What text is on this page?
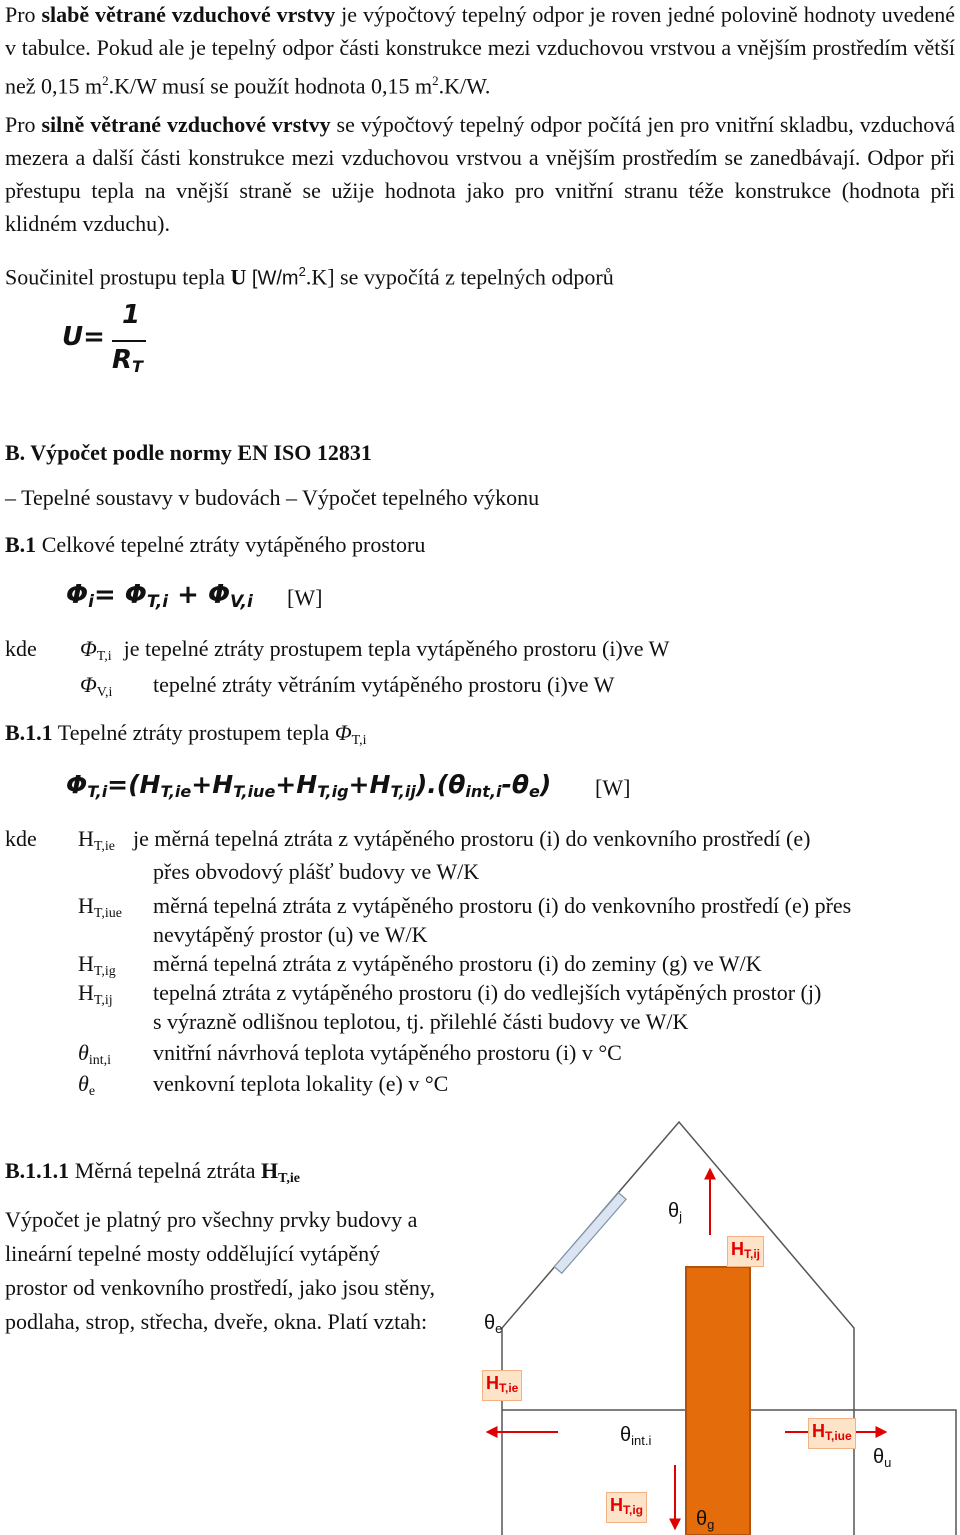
Pro slabě větrané vzduchové vrstvy je výpočtový tepelný odpor je roven jedné polovině hodnoty uvedené v tabulce. Pokud ale je tepelný odpor části konstrukce mezi vzduchovou vrstvou a vnějším prostředím větší než 0,15 $m^2.K/W$ musí se použít hodnota 0,15 $m^2.K/W$.
Pro silně větrané vzduchové vrstvy se výpočtový tepelný odpor počítá jen pro vnitřní skladbu, vzduchová mezera a další části konstrukce mezi vzduchovou vrstvou a vnějším prostředím se zanedbávají. Odpor při přestupu tepla na vnější straně se užije hodnota jako pro vnitřní stranu téže konstrukce (hodnota při klidném vzduchu).
Součinitel prostupu tepla U $[W/m^2.K]$ se vypočítá z tepelných odporů
U=
1
$R_T$
B. Výpočet podle normy EN ISO 12831
– Tepelné soustavy v budovách – Výpočet tepelného výkonu
B.1 Celkové tepelné ztráty vytápěného prostoru
$\Phi_i= \Phi_{T,i} + \Phi_{V,i}$ [W]
kde $\Phi_{T,i}$ je tepelné ztráty prostupem tepla vytápěného prostoru (i)ve W
$\Phi_{V,i}$ tepelné ztráty větráním vytápěného prostoru (i)ve W
B.1.1 Tepelné ztráty prostupem tepla $\Phi_{T,i}$
$\Phi_{T,i}=(H_{T,ie}+H_{T,iue}+H_{T,ig}+H_{T,ij}).(\theta_{int,i}-\theta_e)$ [W]
kde $H_{T,ie}$ je měrná tepelná ztráta z vytápěného prostoru (i) do venkovního prostředí (e)
přes obvodový plášť budovy ve W/K
$H_{T,iue}$ měrná tepelná ztráta z vytápěného prostoru (i) do venkovního prostředí (e) přes
nevytápěný prostor (u) ve W/K
$H_{T,ig}$ měrná tepelná ztráta z vytápěného prostoru (i) do zeminy (g) ve W/K
$H_{T,ij}$ tepelná ztráta z vytápěného prostoru (i) do vedlejších vytápěných prostor (j)
s výrazně odlišnou teplotou, tj. přilehlé části budovy ve W/K
$\theta_{int,i}$ vnitřní návrhová teplota vytápěného prostoru (i) v °C
$\theta_e$	venkovní teplota lokality (e) v °C
B.1.1.1 Měrná tepelná ztráta $H_{T,ie}$
Výpočet je platný pro všechny prvky budovy a lineární tepelné mosty oddělující vytápěný prostor od venkovního prostředí, jako jsou stěny, podlaha, strop, střecha, dveře, okna. Platí vztah:
$\theta_j$
$\theta_e$
$\theta_{int.i}$
$\theta_u$
$\theta_g$
HT,ij
HT,ie
HT,iue
HT,ig
